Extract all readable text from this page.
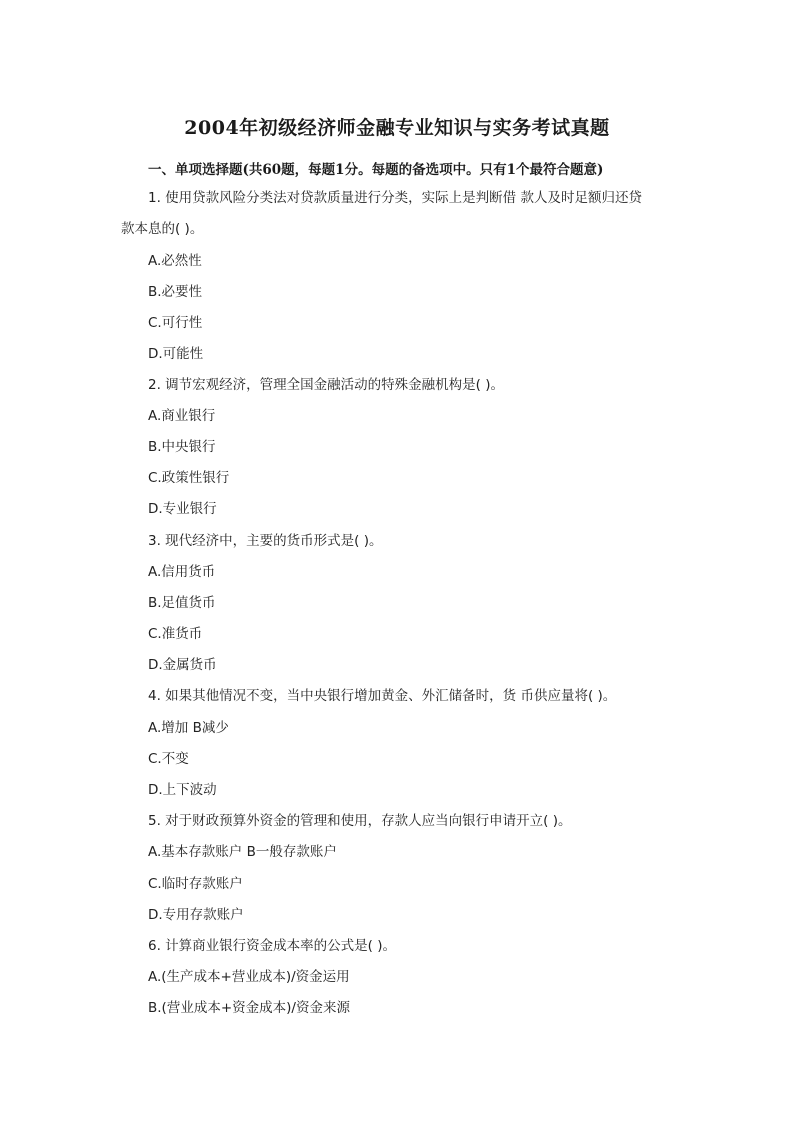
2004年初级经济师金融专业知识与实务考试真题
一、单项选择题(共60题，每题1分。每题的备选项中。只有1个最符合题意)
1. 使用贷款风险分类法对贷款质量进行分类，实际上是判断借 款人及时足额归还贷
款本息的( )。
A.必然性
B.必要性
C.可行性
D.可能性
2. 调节宏观经济，管理全国金融活动的特殊金融机构是( )。
A.商业银行
B.中央银行
C.政策性银行
D.专业银行
3. 现代经济中，主要的货币形式是( )。
A.信用货币
B.足值货币
C.准货币
D.金属货币
4. 如果其他情况不变，当中央银行增加黄金、外汇储备时，货 币供应量将( )。
A.增加 B减少
C.不变
D.上下波动
5. 对于财政预算外资金的管理和使用，存款人应当向银行申请开立( )。
A.基本存款账户 B一般存款账户
C.临时存款账户
D.专用存款账户
6. 计算商业银行资金成本率的公式是( )。
A.(生产成本+营业成本)/资金运用
B.(营业成本+资金成本)/资金来源
